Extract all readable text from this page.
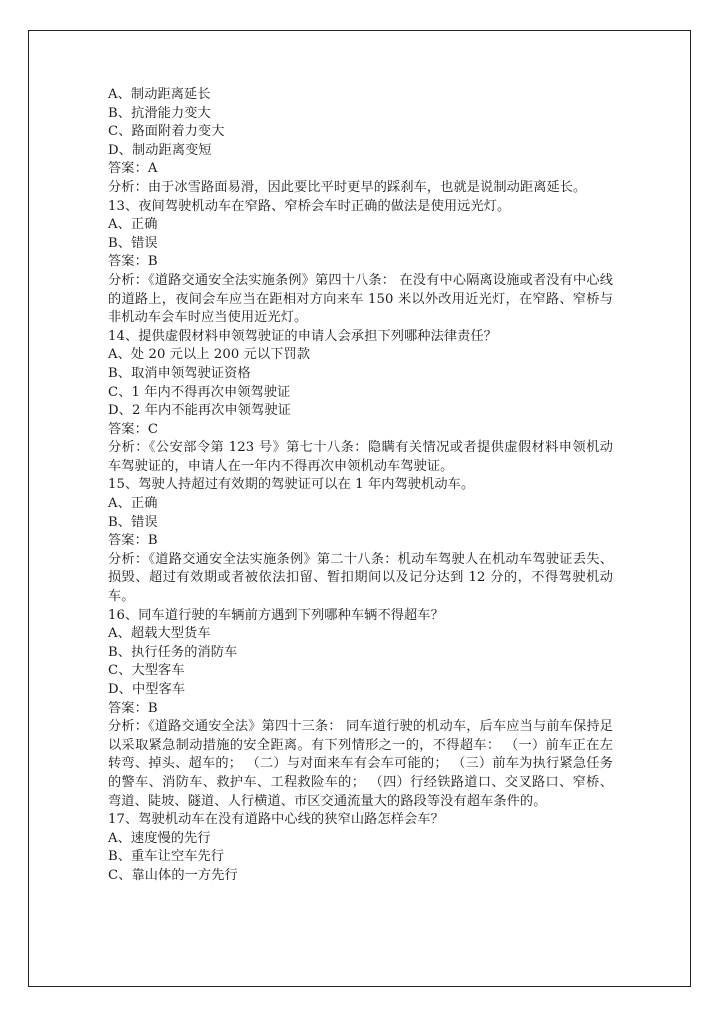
A、制动距离延长
B、抗滑能力变大
C、路面附着力变大
D、制动距离变短
答案：A
分析：由于冰雪路面易滑，因此要比平时更早的踩刹车，也就是说制动距离延长。
13、夜间驾驶机动车在窄路、窄桥会车时正确的做法是使用远光灯。
A、正确
B、错误
答案：B
分析：《道路交通安全法实施条例》第四十八条： 在没有中心隔离设施或者没有中心线的道路上，夜间会车应当在距相对方向来车 150 米以外改用近光灯，在窄路、窄桥与非机动车会车时应当使用近光灯。
14、提供虚假材料申领驾驶证的申请人会承担下列哪种法律责任？
A、处 20 元以上 200 元以下罚款
B、取消申领驾驶证资格
C、1 年内不得再次申领驾驶证
D、2 年内不能再次申领驾驶证
答案：C
分析：《公安部令第 123 号》第七十八条：隐瞒有关情况或者提供虚假材料申领机动车驾驶证的，申请人在一年内不得再次申领机动车驾驶证。
15、驾驶人持超过有效期的驾驶证可以在 1 年内驾驶机动车。
A、正确
B、错误
答案：B
分析：《道路交通安全法实施条例》第二十八条：机动车驾驶人在机动车驾驶证丢失、损毁、超过有效期或者被依法扣留、暂扣期间以及记分达到 12 分的，不得驾驶机动车。
16、同车道行驶的车辆前方遇到下列哪种车辆不得超车？
A、超载大型货车
B、执行任务的消防车
C、大型客车
D、中型客车
答案：B
分析：《道路交通安全法》第四十三条： 同车道行驶的机动车，后车应当与前车保持足以采取紧急制动措施的安全距离。有下列情形之一的，不得超车： （一）前车正在左转弯、掉头、超车的； （二）与对面来车有会车可能的； （三）前车为执行紧急任务的警车、消防车、救护车、工程救险车的； （四）行经铁路道口、交叉路口、窄桥、弯道、陡坡、隧道、人行横道、市区交通流量大的路段等没有超车条件的。
17、驾驶机动车在没有道路中心线的狭窄山路怎样会车？
A、速度慢的先行
B、重车让空车先行
C、靠山体的一方先行
